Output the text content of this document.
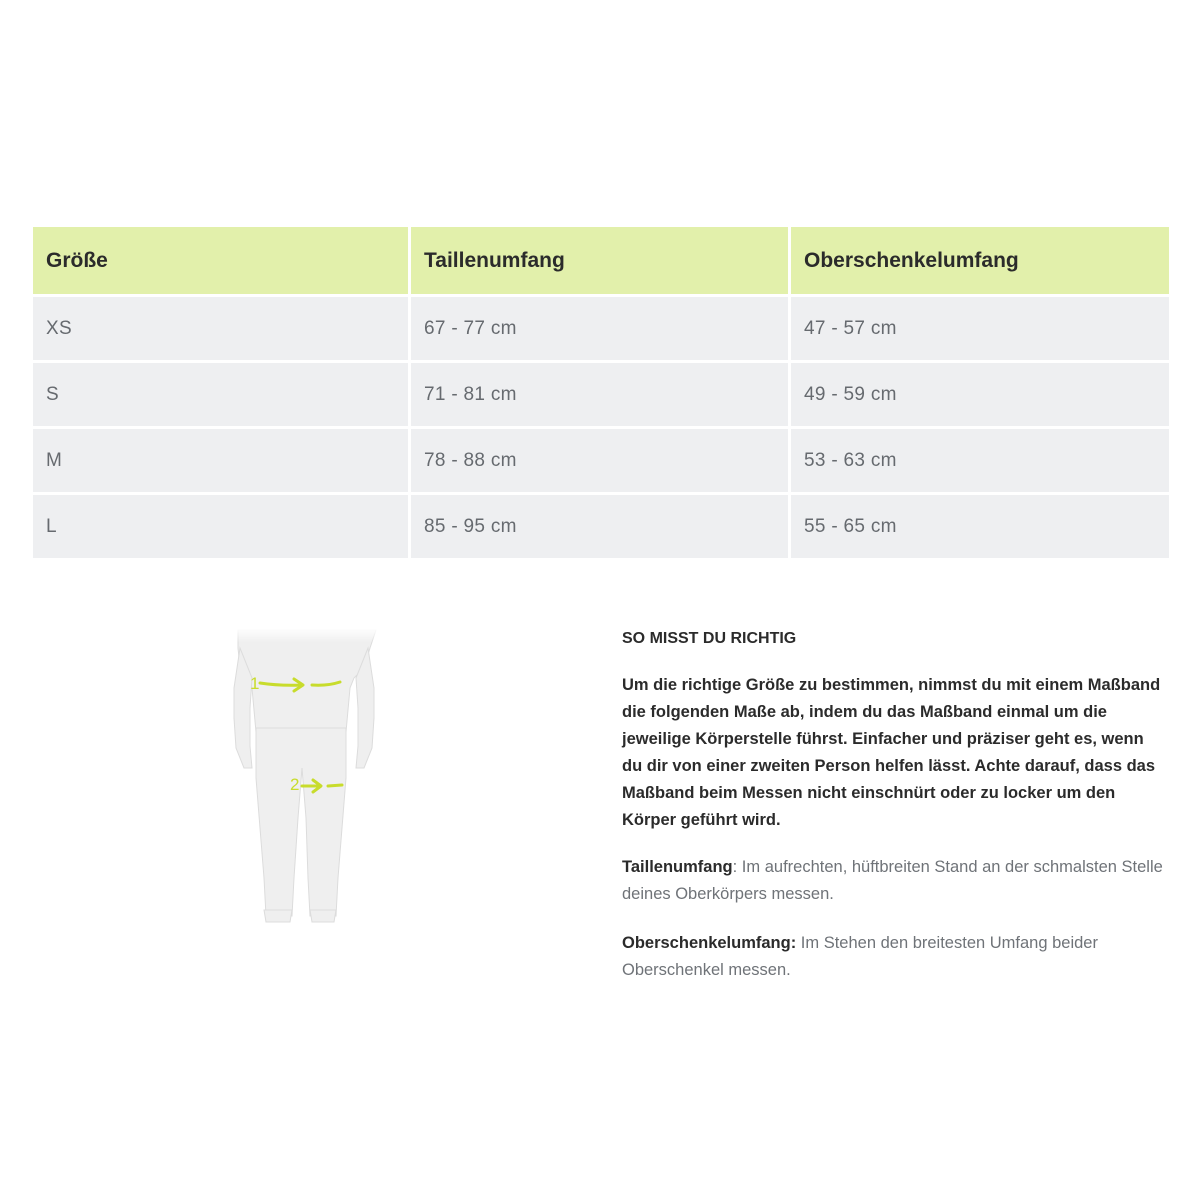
Größe	Taillenumfang	Oberschenkelumfang
XS	67 - 77 cm	47 - 57 cm
S	71 - 81 cm	49 - 59 cm
M	78 - 88 cm	53 - 63 cm
L	85 - 95 cm	55 - 65 cm
1
2
SO MISST DU RICHTIG

Um die richtige Größe zu bestimmen, nimmst du mit einem Maßband die folgenden Maße ab, indem du das Maßband einmal um die jeweilige Körperstelle führst. Einfacher und präziser geht es, wenn du dir von einer zweiten Person helfen lässt. Achte darauf, dass das Maßband beim Messen nicht einschnürt oder zu locker um den Körper geführt wird.

Taillenumfang: Im aufrechten, hüftbreiten Stand an der schmalsten Stelle deines Oberkörpers messen.

Oberschenkelumfang: Im Stehen den breitesten Umfang beider Oberschenkel messen.
